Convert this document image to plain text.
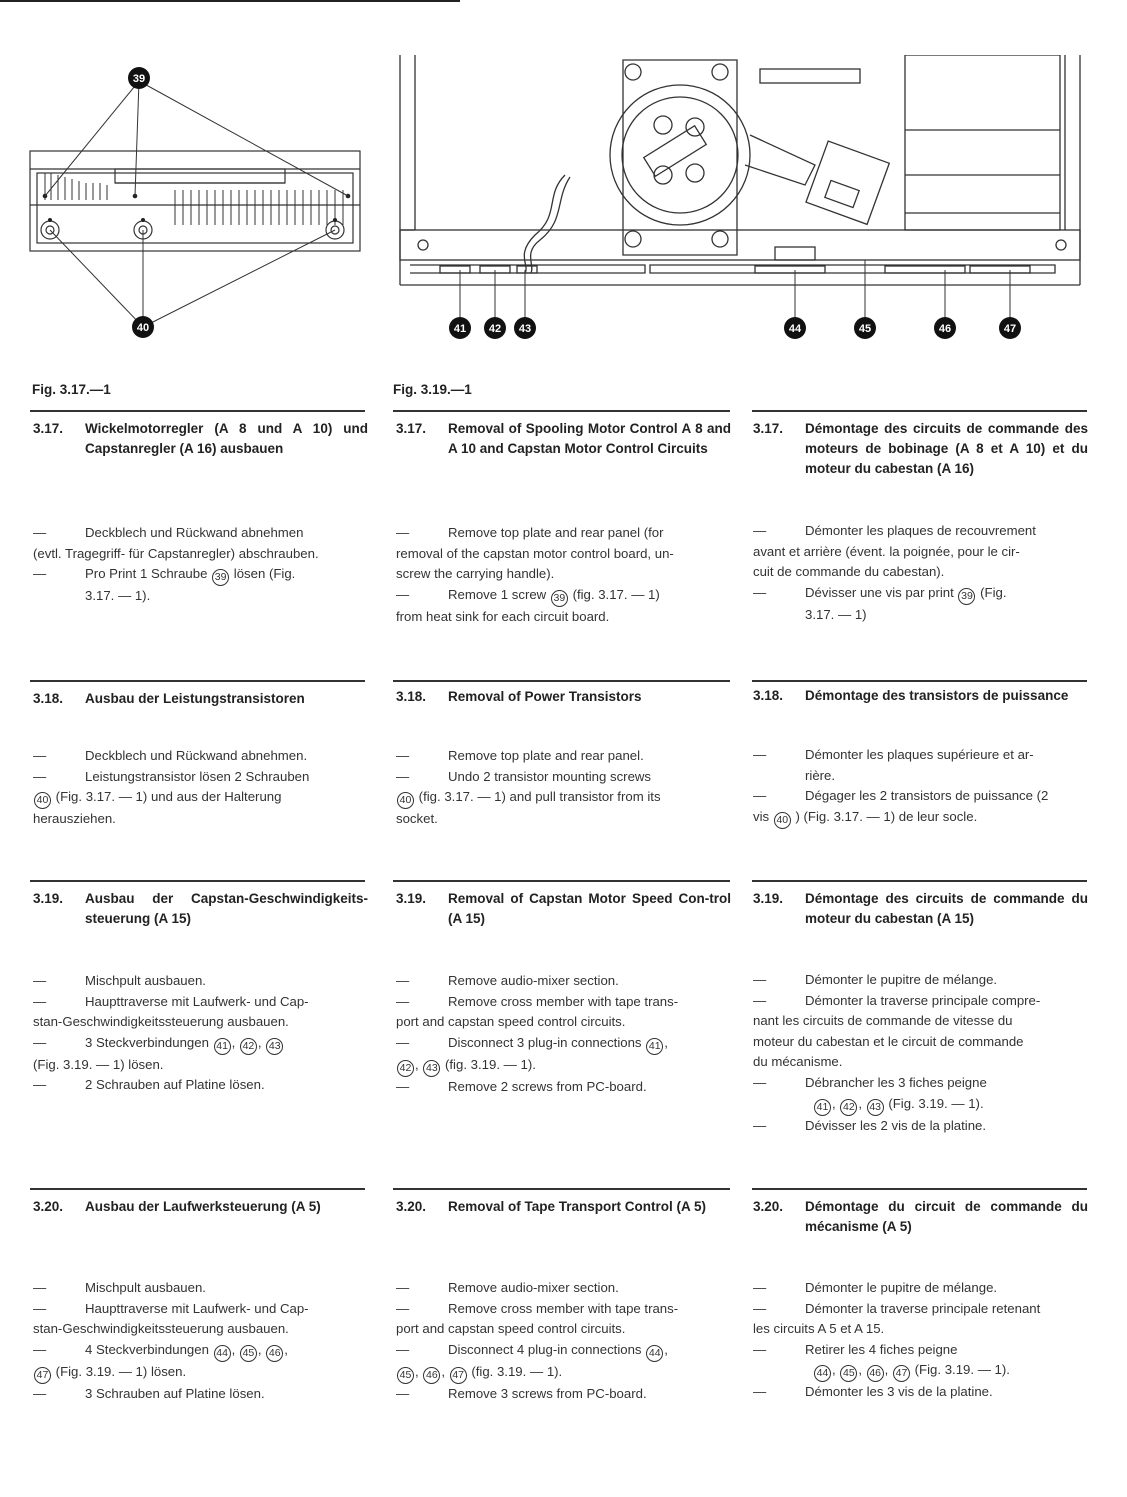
39
40	41 42 43	44	45	46	47
Fig. 3.17.—1	Fig. 3.19.—1
3.17.	Wickelmotorregler (A 8 und A 10) und Capstanregler (A 16) ausbauen
3.17.	Removal of Spooling Motor Control A 8 and A 10 and Capstan Motor Control Circuits
3.17.	Démontage des circuits de commande des moteurs de bobinage (A 8 et A 10) et du moteur du cabestan (A 16)
—	Deckblech und Rückwand abnehmen
(evtl. Tragegriff- für Capstanregler) abschrauben.
—	Pro Print 1 Schraube 39 lösen (Fig.
3.17. — 1).
—	Remove top plate and rear panel (for
removal of the capstan motor control board, un-
screw the carrying handle).
—	Remove 1 screw 39 (fig. 3.17. — 1)
from heat sink for each circuit board.
—	Démonter les plaques de recouvrement
avant et arrière (évent. la poignée, pour le cir-
cuit de commande du cabestan).
—	Dévisser une vis par print 39 (Fig.
3.17. — 1)
3.18.	Ausbau der Leistungstransistoren	3.18.	Removal of Power Transistors	3.18.	Démontage des transistors de puissance
—	Deckblech und Rückwand abnehmen.
—	Leistungstransistor lösen 2 Schrauben
40 (Fig. 3.17. — 1) und aus der Halterung
herausziehen.
—	Remove top plate and rear panel.
—	Undo 2 transistor mounting screws
40 (fig. 3.17. — 1) and pull transistor from its
socket.
—	Démonter les plaques supérieure et ar-
rière.
—	Dégager les 2 transistors de puissance (2
vis 40 ) (Fig. 3.17. — 1) de leur socle.
3.19.	Ausbau der Capstan-Geschwindigkeits-steuerung (A 15)
3.19.	Removal of Capstan Motor Speed Con-trol (A 15)
3.19.	Démontage des circuits de commande du moteur du cabestan (A 15)
—	Mischpult ausbauen.
—	Haupttraverse mit Laufwerk- und Cap-
stan-Geschwindigkeitssteuerung ausbauen.
—	3 Steckverbindungen 41 , 42 , 43
(Fig. 3.19. — 1) lösen.
—	2 Schrauben auf Platine lösen.
—	Remove audio-mixer section.
—	Remove cross member with tape trans-
port and capstan speed control circuits.
—	Disconnect 3 plug-in connections 41 ,
42 , 43 (fig. 3.19. — 1).
—	Remove 2 screws from PC-board.
—	Démonter le pupitre de mélange.
—	Démonter la traverse principale compre-
nant les circuits de commande de vitesse du
moteur du cabestan et le circuit de commande
du mécanisme.
—	Débrancher les 3 fiches peigne
41 , 42 , 43 (Fig. 3.19. — 1).
—	Dévisser les 2 vis de la platine.
3.20.	Ausbau der Laufwerksteuerung (A 5)	3.20.	Removal of Tape Transport Control (A 5)	3.20.	Démontage du circuit de commande du mécanisme (A 5)
—	Mischpult ausbauen.
—	Haupttraverse mit Laufwerk- und Cap-
stan-Geschwindigkeitssteuerung ausbauen.
—	4 Steckverbindungen 44 , 45 , 46 ,
47 (Fig. 3.19. — 1) lösen.
—	3 Schrauben auf Platine lösen.
—	Remove audio-mixer section.
—	Remove cross member with tape trans-
port and capstan speed control circuits.
—	Disconnect 4 plug-in connections 44 ,
45 , 46 , 47 (fig. 3.19. — 1).
—	Remove 3 screws from PC-board.
—	Démonter le pupitre de mélange.
—	Démonter la traverse principale retenant
les circuits A 5 et A 15.
—	Retirer les 4 fiches peigne
44 , 45 , 46 , 47 (Fig. 3.19. — 1).
—	Démonter les 3 vis de la platine.
